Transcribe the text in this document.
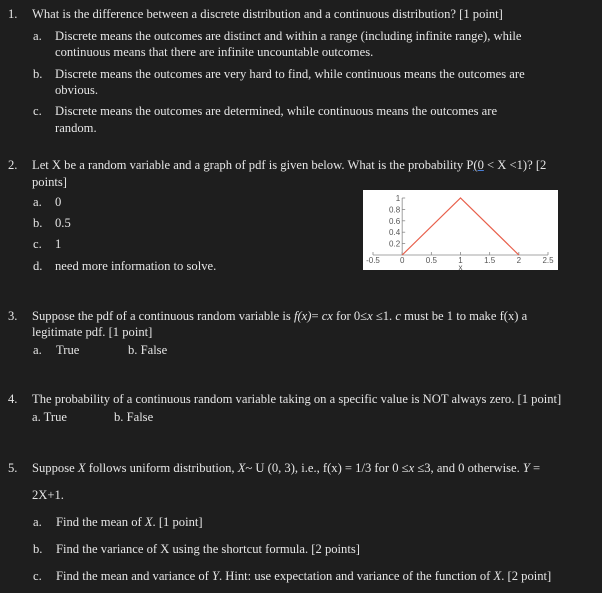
1. What is the difference between a discrete distribution and a continuous distribution? [1 point]
a. Discrete means the outcomes are distinct and within a range (including infinite range), while
continuous means that there are infinite uncountable outcomes.
b. Discrete means the outcomes are very hard to find, while continuous means the outcomes are
obvious.
c. Discrete means the outcomes are determined, while continuous means the outcomes are
random.
2. Let X be a random variable and a graph of pdf is given below. What is the probability P(0 < X <1)? [2
points]
a. 0
b. 0.5
c. 1
d. need more information to solve.	-0.5	0	0.5	1	1.5	2	2.5
0.2
0.4
0.6
0.8
1
x
3. Suppose the pdf of a continuous random variable is f(x)= cx for 0≤x ≤1. c must be 1 to make f(x) a
legitimate pdf. [1 point]
a. True	b. False
4. The probability of a continuous random variable taking on a specific value is NOT always zero. [1 point]
a. True	b. False
5. Suppose X follows uniform distribution, X~ U (0, 3), i.e., f(x) = 1/3 for 0 ≤x ≤3, and 0 otherwise. Y =
2X+1.
a. Find the mean of X. [1 point]
b. Find the variance of X using the shortcut formula. [2 points]
c. Find the mean and variance of Y. Hint: use expectation and variance of the function of X. [2 point]
